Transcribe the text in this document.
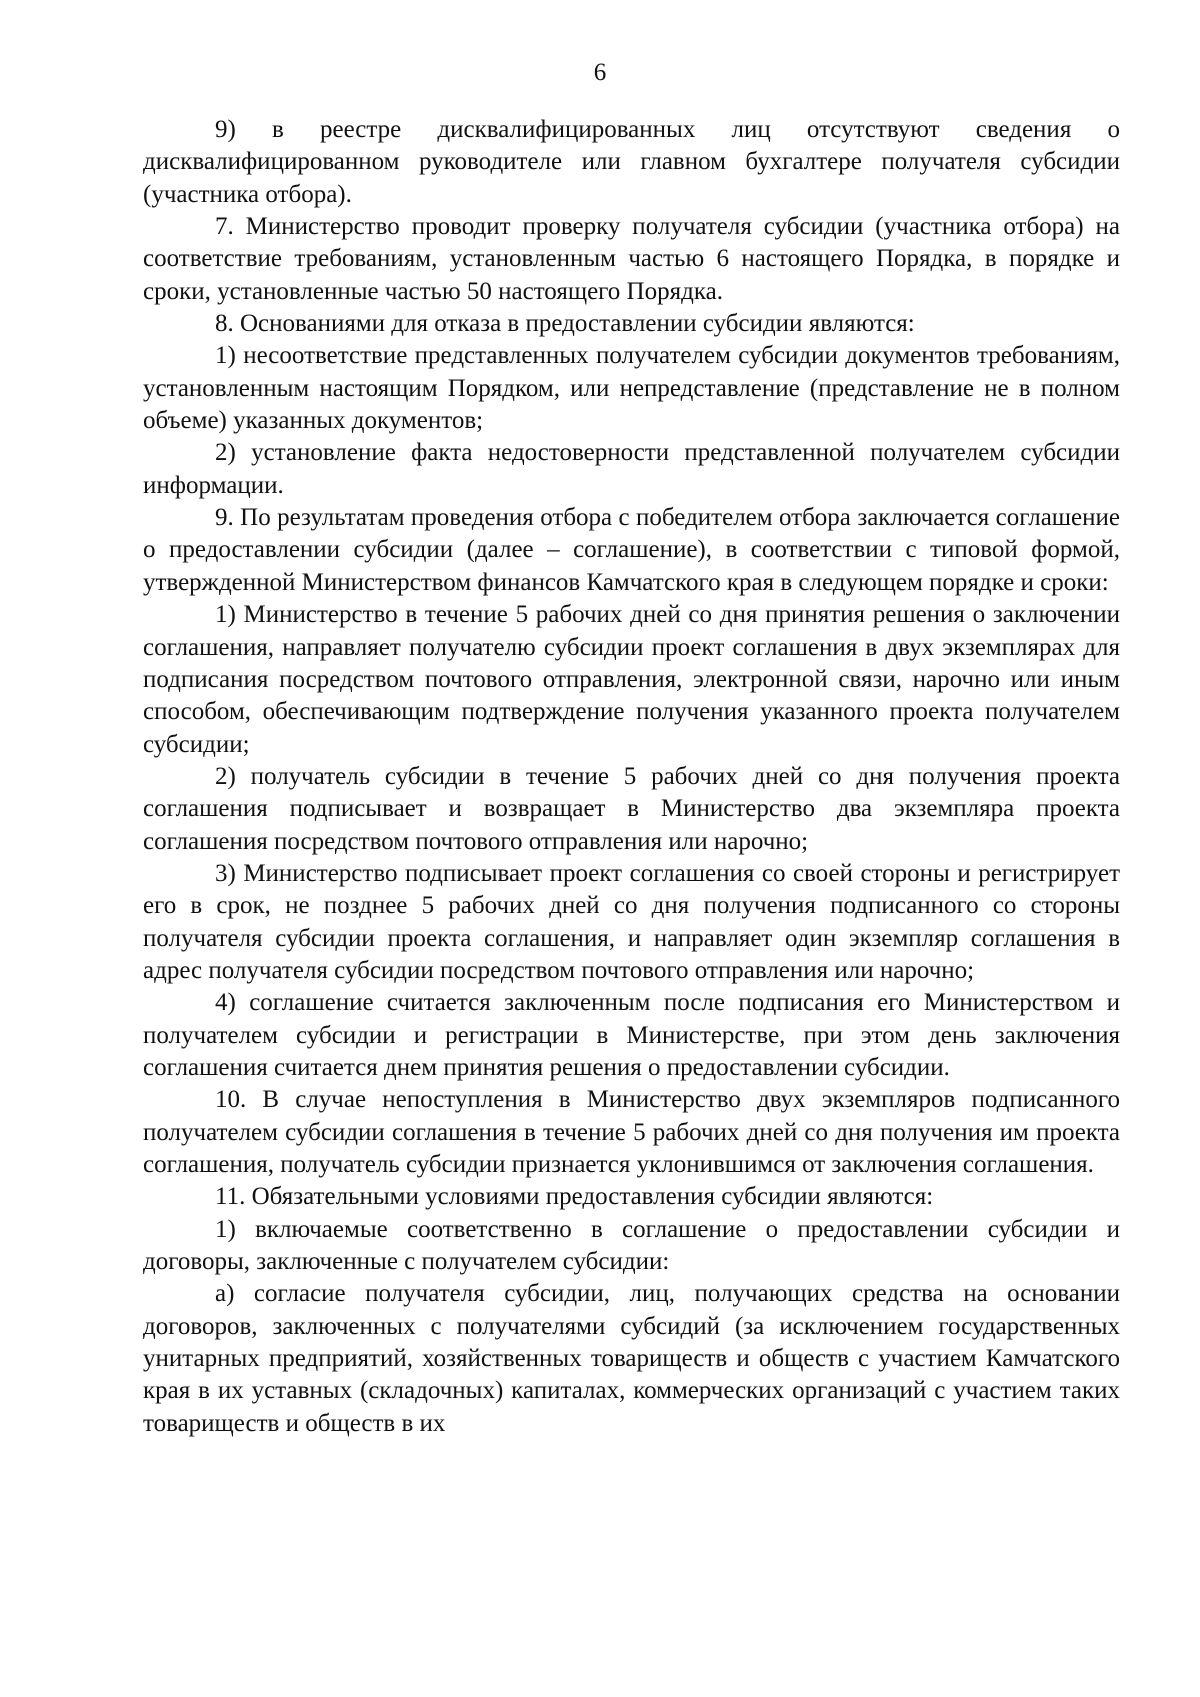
6

9) в реестре дисквалифицированных лиц отсутствуют сведения о дисквалифицированном руководителе или главном бухгалтере получателя субсидии (участника отбора).

7. Министерство проводит проверку получателя субсидии (участника отбора) на соответствие требованиям, установленным частью 6 настоящего Порядка, в порядке и сроки, установленные частью 50 настоящего Порядка.

8. Основаниями для отказа в предоставлении субсидии являются:

1) несоответствие представленных получателем субсидии документов требованиям, установленным настоящим Порядком, или непредставление (представление не в полном объеме) указанных документов;

2) установление факта недостоверности представленной получателем субсидии информации.

9. По результатам проведения отбора с победителем отбора заключается соглашение о предоставлении субсидии (далее – соглашение), в соответствии с типовой формой, утвержденной Министерством финансов Камчатского края в следующем порядке и сроки:

1) Министерство в течение 5 рабочих дней со дня принятия решения о заключении соглашения, направляет получателю субсидии проект соглашения в двух экземплярах для подписания посредством почтового отправления, электронной связи, нарочно или иным способом, обеспечивающим подтверждение получения указанного проекта получателем субсидии;

2) получатель субсидии в течение 5 рабочих дней со дня получения проекта соглашения подписывает и возвращает в Министерство два экземпляра проекта соглашения посредством почтового отправления или нарочно;

3) Министерство подписывает проект соглашения со своей стороны и регистрирует его в срок, не позднее 5 рабочих дней со дня получения подписанного со стороны получателя субсидии проекта соглашения, и направляет один экземпляр соглашения в адрес получателя субсидии посредством почтового отправления или нарочно;

4) соглашение считается заключенным после подписания его Министерством и получателем субсидии и регистрации в Министерстве, при этом день заключения соглашения считается днем принятия решения о предоставлении субсидии.

10. В случае непоступления в Министерство двух экземпляров подписанного получателем субсидии соглашения в течение 5 рабочих дней со дня получения им проекта соглашения, получатель субсидии признается уклонившимся от заключения соглашения.

11. Обязательными условиями предоставления субсидии являются:

1) включаемые соответственно в соглашение о предоставлении субсидии и договоры, заключенные с получателем субсидии:

а) согласие получателя субсидии, лиц, получающих средства на основании договоров, заключенных с получателями субсидий (за исключением государственных унитарных предприятий, хозяйственных товариществ и обществ с участием Камчатского края в их уставных (складочных) капиталах, коммерческих организаций с участием таких товариществ и обществ в их
